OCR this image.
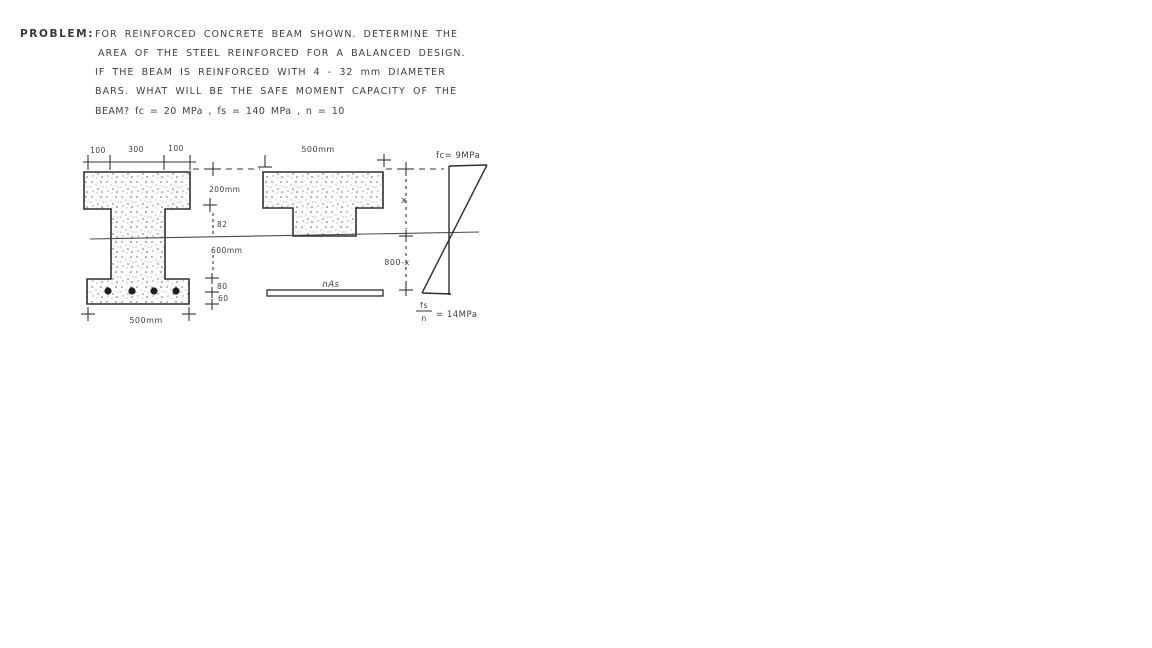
PROBLEM: FOR REINFORCED CONCRETE BEAM SHOWN. DETERMINE THE
AREA OF THE STEEL REINFORCED FOR A BALANCED DESIGN.
IF THE BEAM IS REINFORCED WITH 4 - 32 mm DIAMETER
BARS. WHAT WILL BE THE SAFE MOMENT CAPACITY OF THE
BEAM? fc = 20 MPa , fs = 140 MPa , n = 10
100	300	100
500mm
200mm
82
600mm
80
60
500mm
nAs
x
800-x
fc= 9MPa
fs
n = 14MPa
